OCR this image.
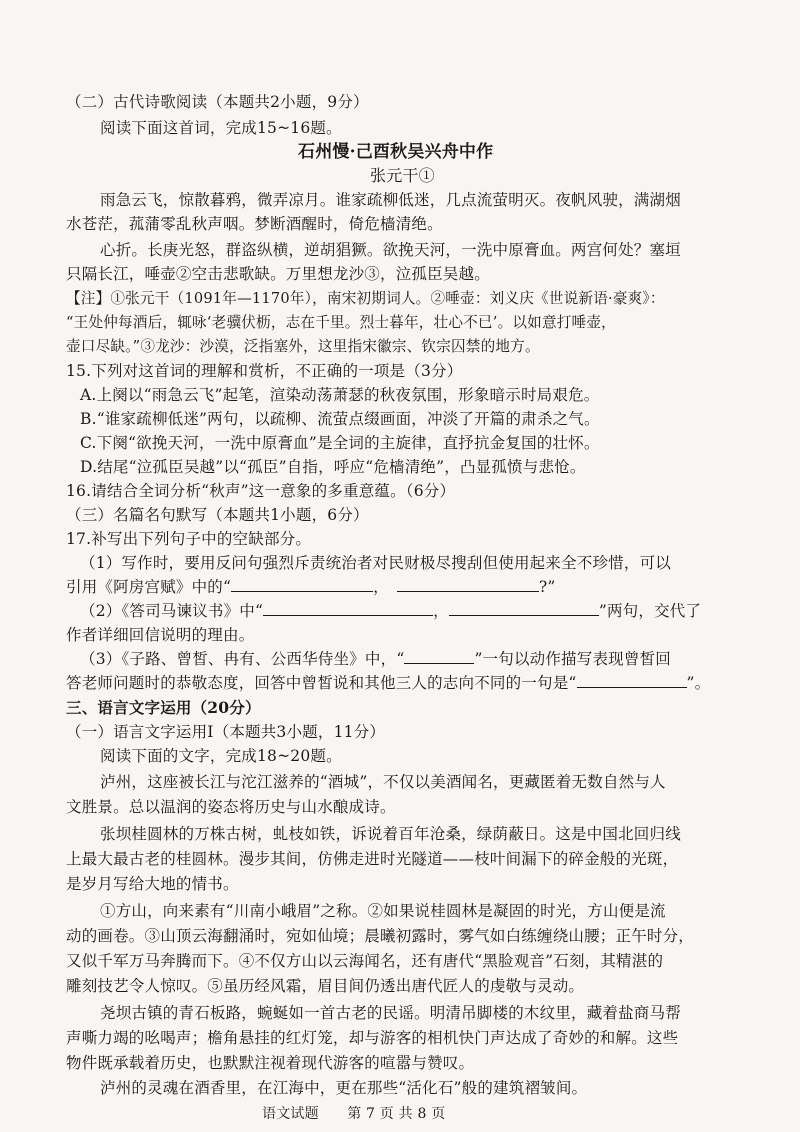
（二）古代诗歌阅读（本题共2小题，9分）
阅读下面这首词，完成15~16题。
石州慢·己酉秋吴兴舟中作
张元干①
雨急云飞，惊散暮鸦，微弄凉月。谁家疏柳低迷，几点流萤明灭。夜帆风驶，满湖烟
水苍茫，菰蒲零乱秋声咽。梦断酒醒时，倚危樯清绝。
心折。长庚光怒，群盗纵横，逆胡猖獗。欲挽天河，一洗中原膏血。两宫何处？塞垣
只隔长江，唾壶②空击悲歌缺。万里想龙沙③，泣孤臣吴越。
【注】①张元干（1091年—1170年），南宋初期词人。②唾壶：刘义庆《世说新语·豪爽》：
“王处仲每酒后，辄咏‘老骥伏枥，志在千里。烈士暮年，壮心不已’。以如意打唾壶，
壶口尽缺。”③龙沙：沙漠，泛指塞外，这里指宋徽宗、钦宗囚禁的地方。
15.下列对这首词的理解和赏析，不正确的一项是（3分）
A.上阕以“雨急云飞”起笔，渲染动荡萧瑟的秋夜氛围，形象暗示时局艰危。
B.“谁家疏柳低迷”两句，以疏柳、流萤点缀画面，冲淡了开篇的肃杀之气。
C.下阕“欲挽天河，一洗中原膏血”是全词的主旋律，直抒抗金复国的壮怀。
D.结尾“泣孤臣吴越”以“孤臣”自指，呼应“危樯清绝”，凸显孤愤与悲怆。
16.请结合全词分析“秋声”这一意象的多重意蕴。（6分）
（三）名篇名句默写（本题共1小题，6分）
17.补写出下列句子中的空缺部分。
（1）写作时，要用反问句强烈斥责统治者对民财极尽搜刮但使用起来全不珍惜，可以
引用《阿房宫赋》中的“	，	?”
（2）《答司马谏议书》中“	，	”两句，交代了
作者详细回信说明的理由。
（3）《子路、曾皙、冉有、公西华侍坐》中，“	”一句以动作描写表现曾皙回
答老师问题时的恭敬态度，回答中曾皙说和其他三人的志向不同的一句是“	”。
三、语言文字运用（20分）
（一）语言文字运用Ⅰ（本题共3小题，11分）
阅读下面的文字，完成18~20题。
泸州，这座被长江与沱江滋养的“酒城”，不仅以美酒闻名，更藏匿着无数自然与人
文胜景。总以温润的姿态将历史与山水酿成诗。
张坝桂圆林的万株古树，虬枝如铁，诉说着百年沧桑，绿荫蔽日。这是中国北回归线
上最大最古老的桂圆林。漫步其间，仿佛走进时光隧道——枝叶间漏下的碎金般的光斑，
是岁月写给大地的情书。
①方山，向来素有“川南小峨眉”之称。②如果说桂圆林是凝固的时光，方山便是流
动的画卷。③山顶云海翻涌时，宛如仙境；晨曦初露时，雾气如白练缠绕山腰；正午时分，
又似千军万马奔腾而下。④不仅方山以云海闻名，还有唐代“黑脸观音”石刻，其精湛的
雕刻技艺令人惊叹。⑤虽历经风霜，眉目间仍透出唐代匠人的虔敬与灵动。
尧坝古镇的青石板路，蜿蜒如一首古老的民谣。明清吊脚楼的木纹里，藏着盐商马帮
声嘶力竭的吆喝声；檐角悬挂的红灯笼，却与游客的相机快门声达成了奇妙的和解。这些
物件既承载着历史，也默默注视着现代游客的喧嚣与赞叹。
泸州的灵魂在酒香里，在江海中，更在那些“活化石”般的建筑褶皱间。
语文试题　　第 7 页 共 8 页
